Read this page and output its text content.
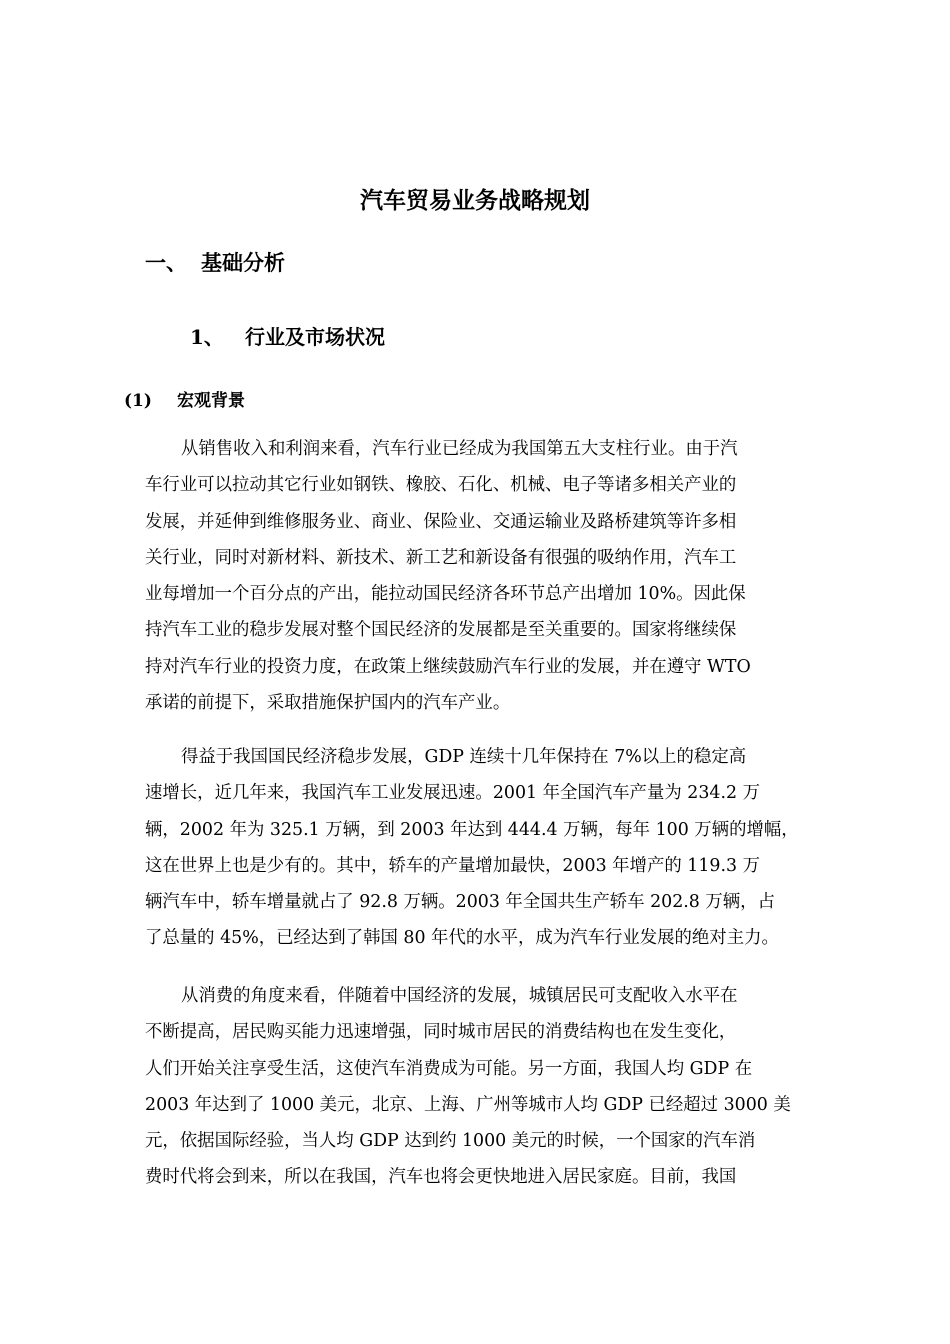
汽车贸易业务战略规划
一、 基础分析
1、 行业及市场状况
(1) 宏观背景
从销售收入和利润来看，汽车行业已经成为我国第五大支柱行业。由于汽
车行业可以拉动其它行业如钢铁、橡胶、石化、机械、电子等诸多相关产业的
发展，并延伸到维修服务业、商业、保险业、交通运输业及路桥建筑等许多相
关行业，同时对新材料、新技术、新工艺和新设备有很强的吸纳作用，汽车工
业每增加一个百分点的产出，能拉动国民经济各环节总产出增加 10%。因此保
持汽车工业的稳步发展对整个国民经济的发展都是至关重要的。国家将继续保
持对汽车行业的投资力度，在政策上继续鼓励汽车行业的发展，并在遵守 WTO
承诺的前提下，采取措施保护国内的汽车产业。
得益于我国国民经济稳步发展，GDP 连续十几年保持在 7%以上的稳定高
速增长，近几年来，我国汽车工业发展迅速。2001 年全国汽车产量为 234.2 万
辆，2002 年为 325.1 万辆，到 2003 年达到 444.4 万辆，每年 100 万辆的增幅，
这在世界上也是少有的。其中，轿车的产量增加最快，2003 年增产的 119.3 万
辆汽车中，轿车增量就占了 92.8 万辆。2003 年全国共生产轿车 202.8 万辆，占
了总量的 45%，已经达到了韩国 80 年代的水平，成为汽车行业发展的绝对主力。
从消费的角度来看，伴随着中国经济的发展，城镇居民可支配收入水平在
不断提高，居民购买能力迅速增强，同时城市居民的消费结构也在发生变化，
人们开始关注享受生活，这使汽车消费成为可能。另一方面，我国人均 GDP 在
2003 年达到了 1000 美元，北京、上海、广州等城市人均 GDP 已经超过 3000 美
元，依据国际经验，当人均 GDP 达到约 1000 美元的时候，一个国家的汽车消
费时代将会到来，所以在我国，汽车也将会更快地进入居民家庭。目前，我国
